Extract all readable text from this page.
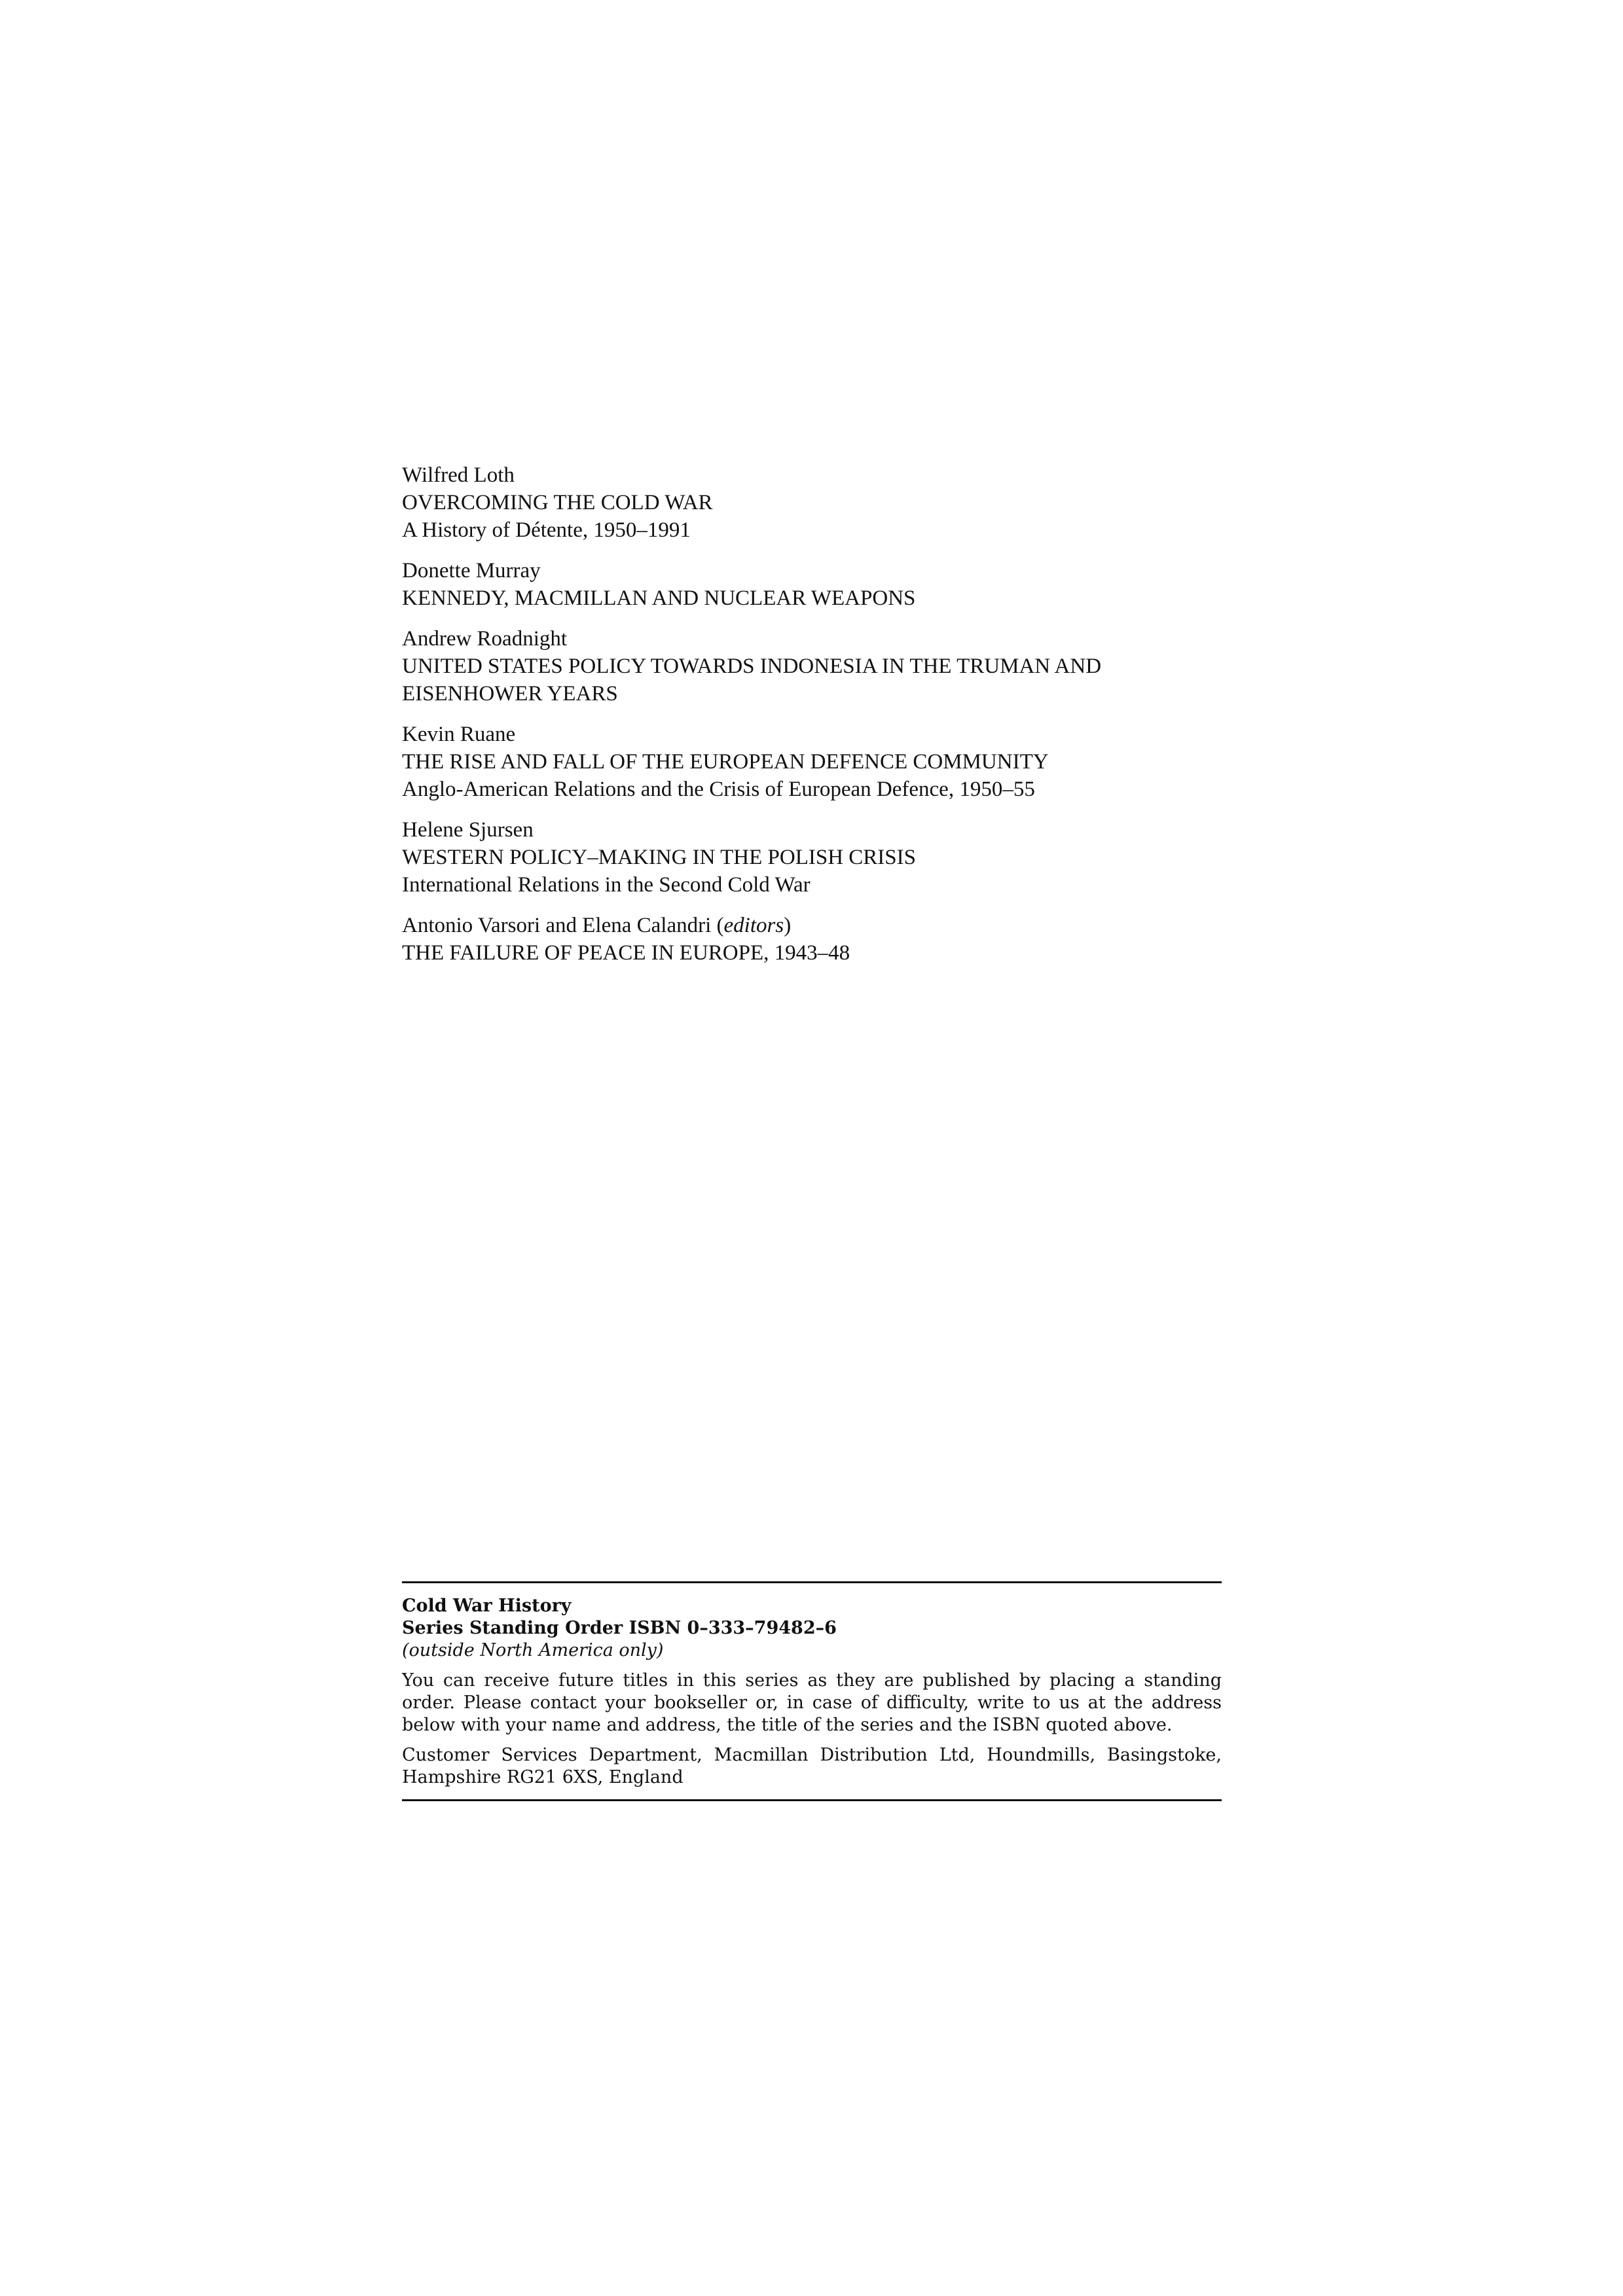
Wilfred Loth
OVERCOMING THE COLD WAR
A History of Détente, 1950–1991
Donette Murray
KENNEDY, MACMILLAN AND NUCLEAR WEAPONS
Andrew Roadnight
UNITED STATES POLICY TOWARDS INDONESIA IN THE TRUMAN AND EISENHOWER YEARS
Kevin Ruane
THE RISE AND FALL OF THE EUROPEAN DEFENCE COMMUNITY
Anglo-American Relations and the Crisis of European Defence, 1950–55
Helene Sjursen
WESTERN POLICY–MAKING IN THE POLISH CRISIS
International Relations in the Second Cold War
Antonio Varsori and Elena Calandri (editors)
THE FAILURE OF PEACE IN EUROPE, 1943–48
Cold War History
Series Standing Order ISBN 0–333–79482–6
(outside North America only)

You can receive future titles in this series as they are published by placing a standing order. Please contact your bookseller or, in case of difficulty, write to us at the address below with your name and address, the title of the series and the ISBN quoted above.

Customer Services Department, Macmillan Distribution Ltd, Houndmills, Basingstoke, Hampshire RG21 6XS, England
